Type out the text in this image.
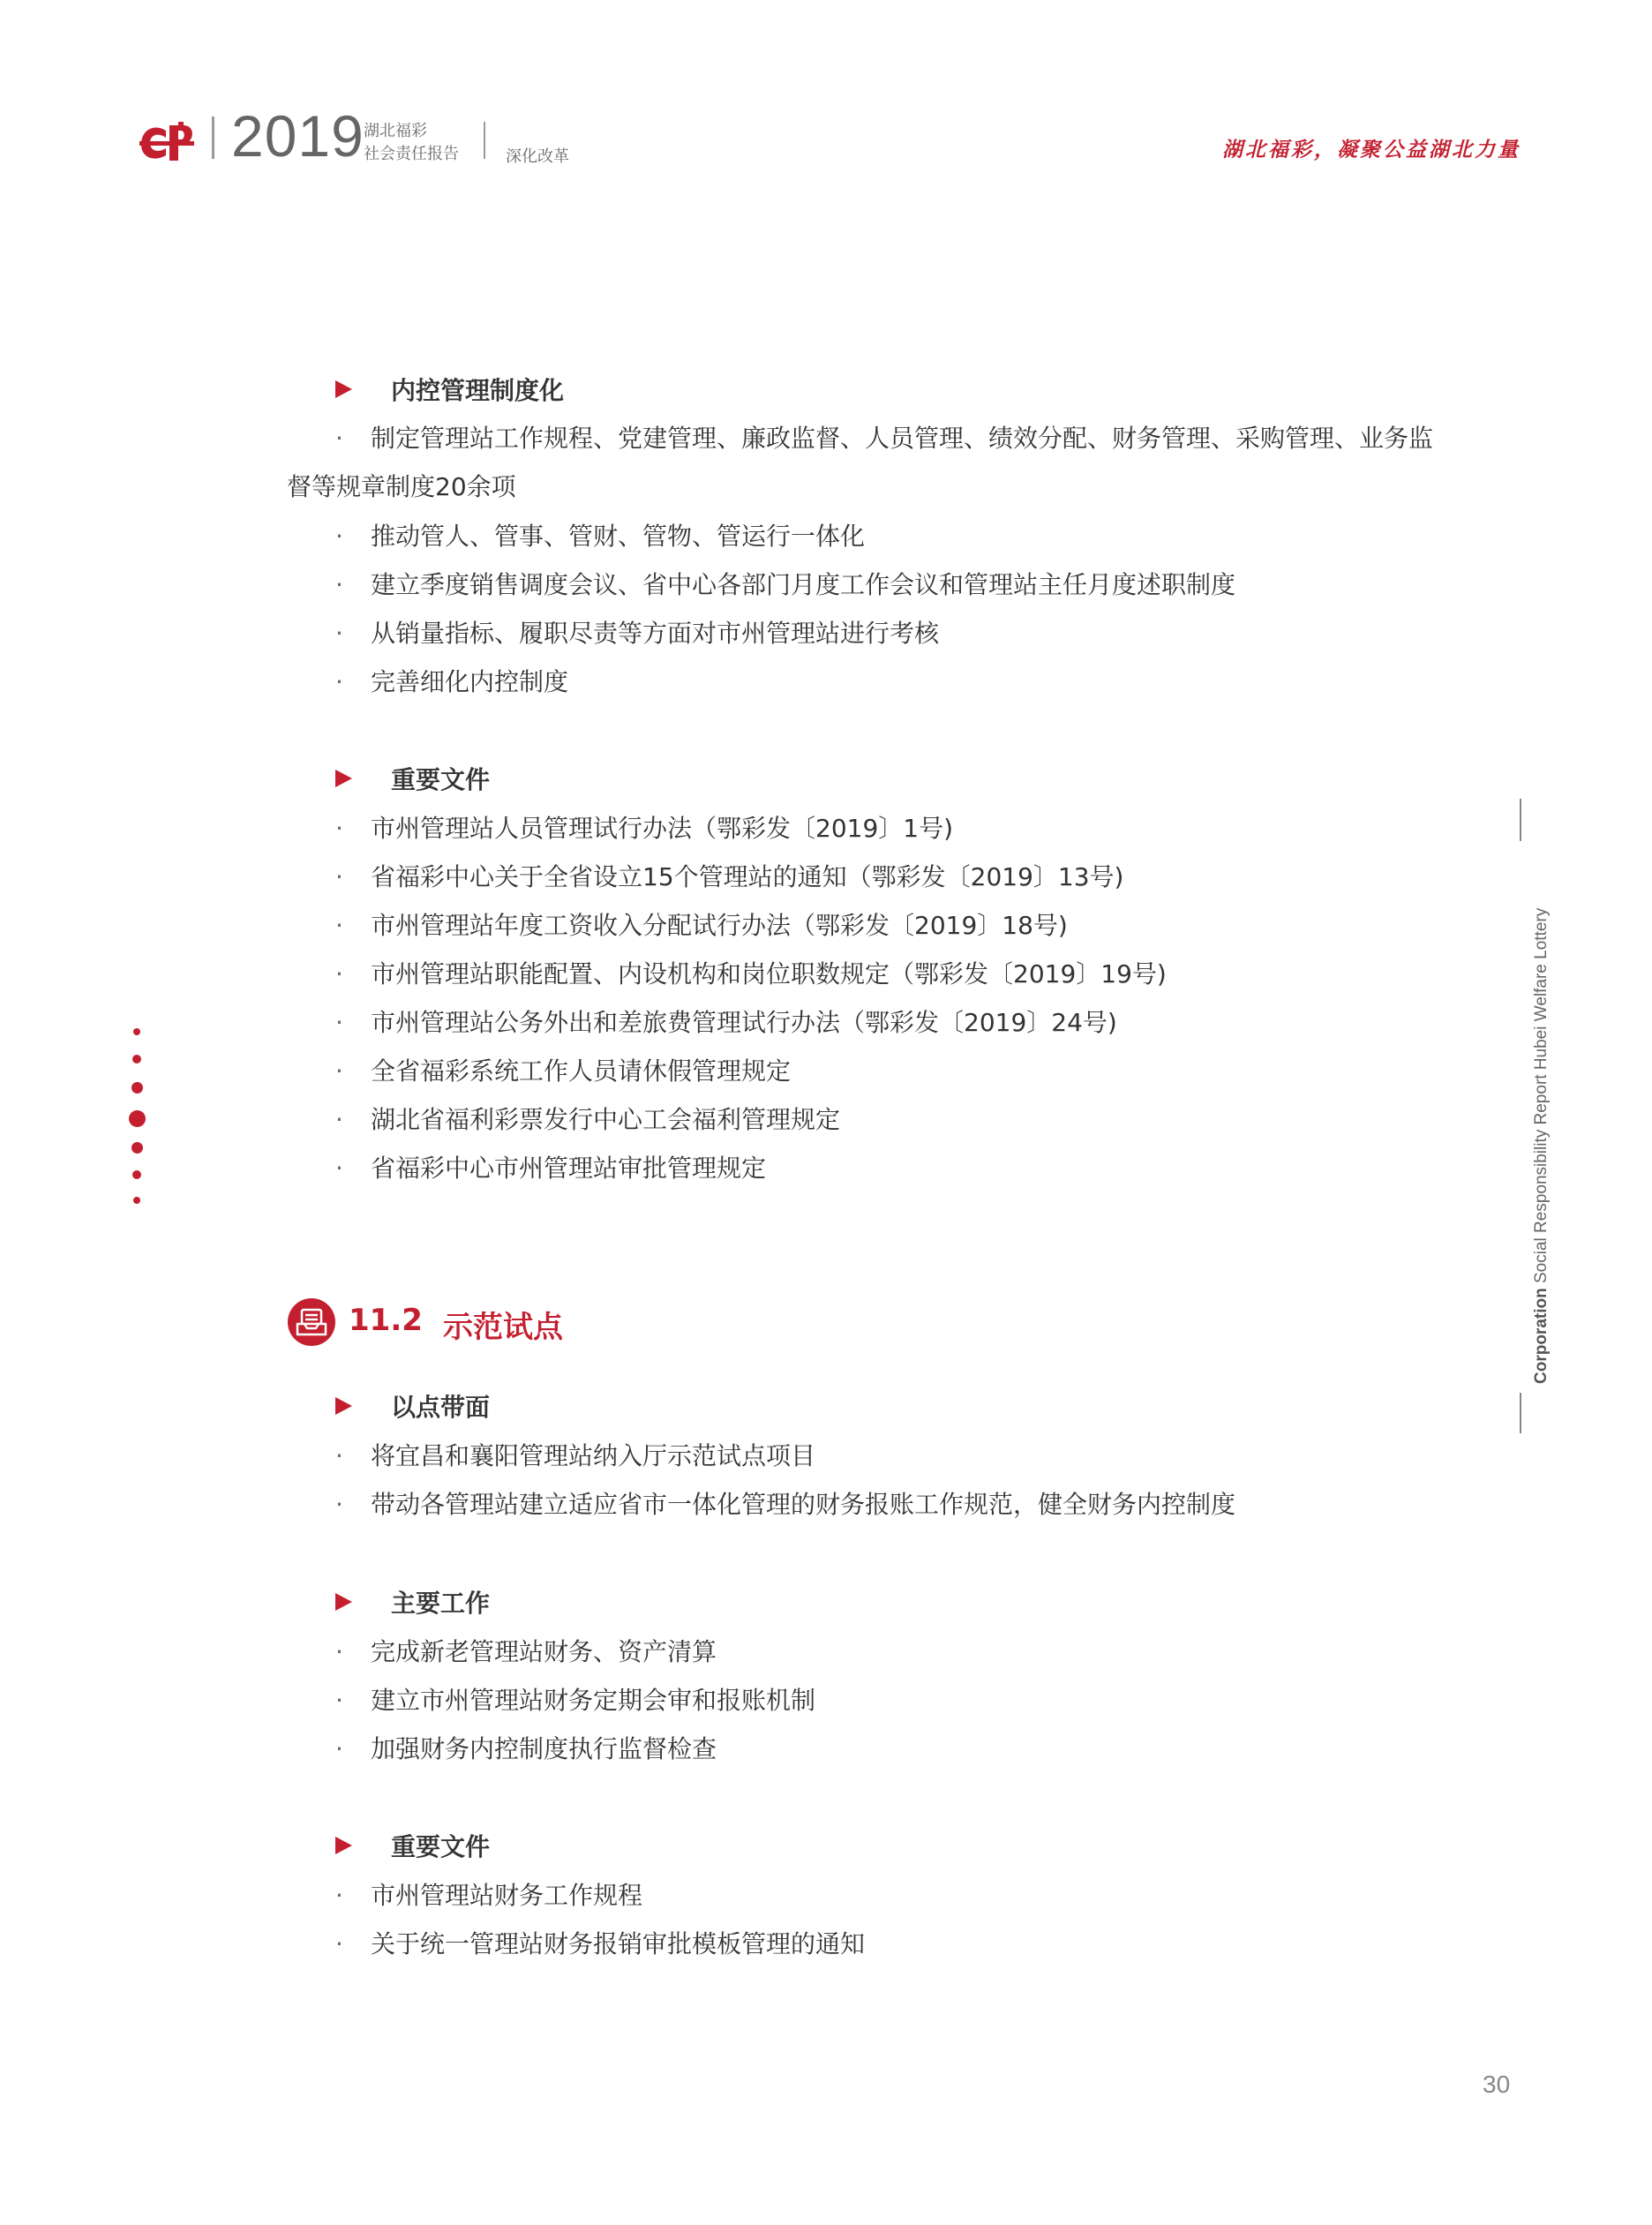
2019 湖北福彩
社会责任报告	深化改革	湖北福彩，凝聚公益湖北力量
内控管理制度化
· 制定管理站工作规程、党建管理、廉政监督、人员管理、绩效分配、财务管理、采购管理、业务监督等规章制度20余项
· 推动管人、管事、管财、管物、管运行一体化
· 建立季度销售调度会议、省中心各部门月度工作会议和管理站主任月度述职制度
· 从销量指标、履职尽责等方面对市州管理站进行考核
· 完善细化内控制度
重要文件
· 市州管理站人员管理试行办法（鄂彩发〔2019〕1号)
· 省福彩中心关于全省设立15个管理站的通知（鄂彩发〔2019〕13号)
· 市州管理站年度工资收入分配试行办法（鄂彩发〔2019〕18号)
· 市州管理站职能配置、内设机构和岗位职数规定（鄂彩发〔2019〕19号)
· 市州管理站公务外出和差旅费管理试行办法（鄂彩发〔2019〕24号)
· 全省福彩系统工作人员请休假管理规定
· 湖北省福利彩票发行中心工会福利管理规定
· 省福彩中心市州管理站审批管理规定
11.2 示范试点
以点带面
· 将宜昌和襄阳管理站纳入厅示范试点项目
· 带动各管理站建立适应省市一体化管理的财务报账工作规范，健全财务内控制度
主要工作
· 完成新老管理站财务、资产清算
· 建立市州管理站财务定期会审和报账机制
· 加强财务内控制度执行监督检查
重要文件
· 市州管理站财务工作规程
· 关于统一管理站财务报销审批模板管理的通知
Corporation Social Responsibility Report Hubei Welfare Lottery
30
